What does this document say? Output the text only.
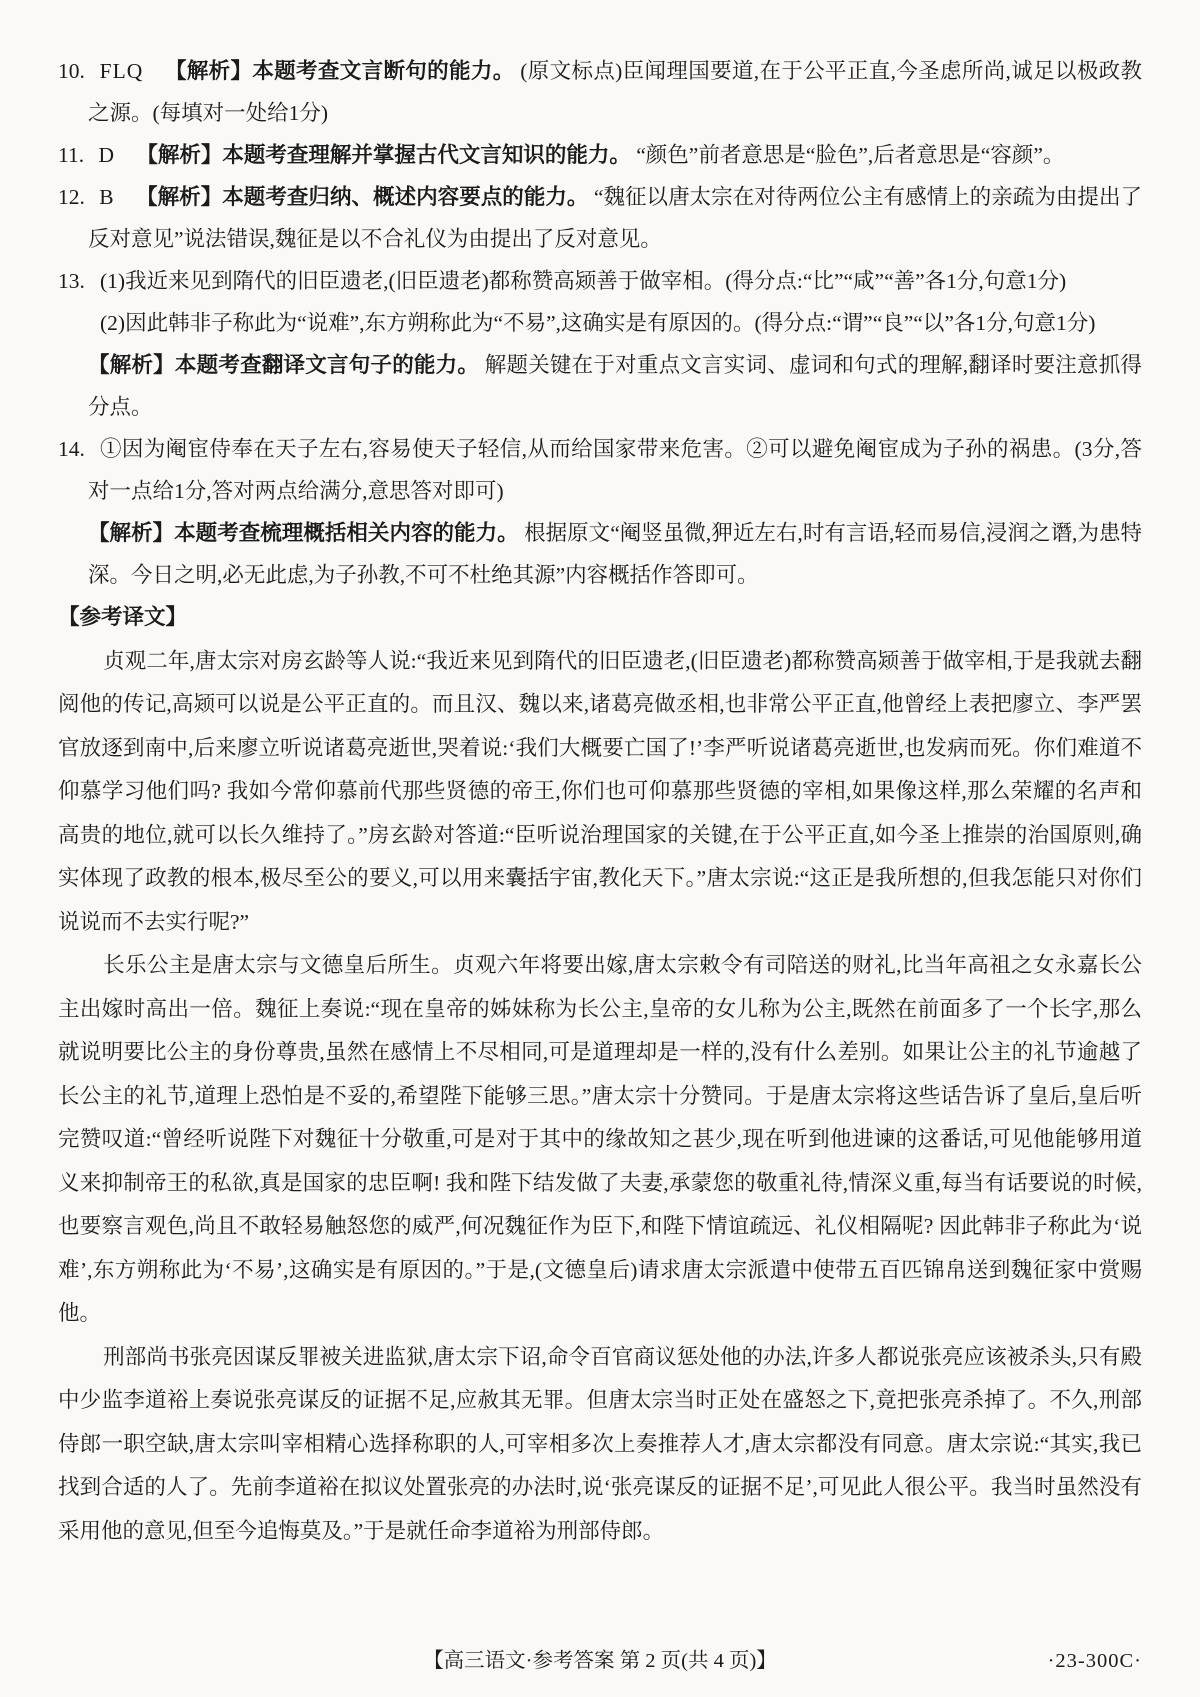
10. FLQ 【解析】本题考查文言断句的能力。 (原文标点)臣闻理国要道,在于公平正直,今圣虑所尚,诚足以极政教之源。(每填对一处给1分)

11. D 【解析】本题考查理解并掌握古代文言知识的能力。 “颜色”前者意思是“脸色”,后者意思是“容颜”。

12. B 【解析】本题考查归纳、概述内容要点的能力。 “魏征以唐太宗在对待两位公主有感情上的亲疏为由提出了反对意见”说法错误,魏征是以不合礼仪为由提出了反对意见。

13. (1)我近来见到隋代的旧臣遗老,(旧臣遗老)都称赞高颎善于做宰相。(得分点:“比”“咸”“善”各1分,句意1分)

(2)因此韩非子称此为“说难”,东方朔称此为“不易”,这确实是有原因的。(得分点:“谓”“良”“以”各1分,句意1分)

【解析】本题考查翻译文言句子的能力。 解题关键在于对重点文言实词、虚词和句式的理解,翻译时要注意抓得分点。

14. ①因为阉宦侍奉在天子左右,容易使天子轻信,从而给国家带来危害。②可以避免阉宦成为子孙的祸患。(3分,答对一点给1分,答对两点给满分,意思答对即可)

【解析】本题考查梳理概括相关内容的能力。 根据原文“阉竖虽微,狎近左右,时有言语,轻而易信,浸润之谮,为患特深。今日之明,必无此虑,为子孙教,不可不杜绝其源”内容概括作答即可。

【参考译文】

贞观二年,唐太宗对房玄龄等人说:“我近来见到隋代的旧臣遗老,(旧臣遗老)都称赞高颎善于做宰相,于是我就去翻阅他的传记,高颎可以说是公平正直的。而且汉、魏以来,诸葛亮做丞相,也非常公平正直,他曾经上表把廖立、李严罢官放逐到南中,后来廖立听说诸葛亮逝世,哭着说:‘我们大概要亡国了!’李严听说诸葛亮逝世,也发病而死。你们难道不仰慕学习他们吗? 我如今常仰慕前代那些贤德的帝王,你们也可仰慕那些贤德的宰相,如果像这样,那么荣耀的名声和高贵的地位,就可以长久维持了。”房玄龄对答道:“臣听说治理国家的关键,在于公平正直,如今圣上推崇的治国原则,确实体现了政教的根本,极尽至公的要义,可以用来囊括宇宙,教化天下。”唐太宗说:“这正是我所想的,但我怎能只对你们说说而不去实行呢?”

长乐公主是唐太宗与文德皇后所生。贞观六年将要出嫁,唐太宗敕令有司陪送的财礼,比当年高祖之女永嘉长公主出嫁时高出一倍。魏征上奏说:“现在皇帝的姊妹称为长公主,皇帝的女儿称为公主,既然在前面多了一个长字,那么就说明要比公主的身份尊贵,虽然在感情上不尽相同,可是道理却是一样的,没有什么差别。如果让公主的礼节逾越了长公主的礼节,道理上恐怕是不妥的,希望陛下能够三思。”唐太宗十分赞同。于是唐太宗将这些话告诉了皇后,皇后听完赞叹道:“曾经听说陛下对魏征十分敬重,可是对于其中的缘故知之甚少,现在听到他进谏的这番话,可见他能够用道义来抑制帝王的私欲,真是国家的忠臣啊! 我和陛下结发做了夫妻,承蒙您的敬重礼待,情深义重,每当有话要说的时候,也要察言观色,尚且不敢轻易触怒您的威严,何况魏征作为臣下,和陛下情谊疏远、礼仪相隔呢? 因此韩非子称此为‘说难’,东方朔称此为‘不易’,这确实是有原因的。”于是,(文德皇后)请求唐太宗派遣中使带五百匹锦帛送到魏征家中赏赐他。

刑部尚书张亮因谋反罪被关进监狱,唐太宗下诏,命令百官商议惩处他的办法,许多人都说张亮应该被杀头,只有殿中少监李道裕上奏说张亮谋反的证据不足,应赦其无罪。但唐太宗当时正处在盛怒之下,竟把张亮杀掉了。不久,刑部侍郎一职空缺,唐太宗叫宰相精心选择称职的人,可宰相多次上奏推荐人才,唐太宗都没有同意。唐太宗说:“其实,我已找到合适的人了。先前李道裕在拟议处置张亮的办法时,说‘张亮谋反的证据不足’,可见此人很公平。我当时虽然没有采用他的意见,但至今追悔莫及。”于是就任命李道裕为刑部侍郎。

【高三语文·参考答案 第 2 页(共 4 页)】	·23-300C·
